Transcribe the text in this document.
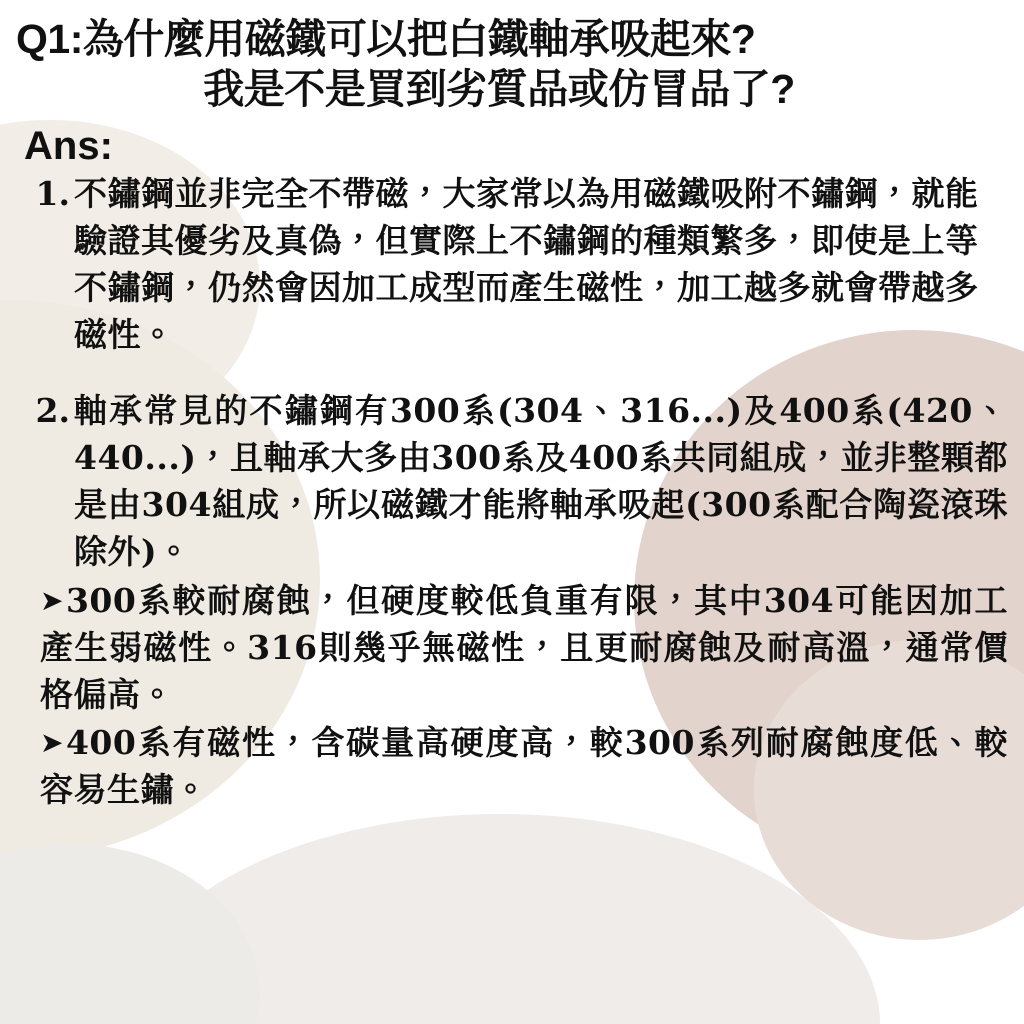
Q1:為什麼用磁鐵可以把白鐵軸承吸起來?
我是不是買到劣質品或仿冒品了?
Ans:
1. 不鏽鋼並非完全不帶磁，大家常以為用磁鐵吸附不鏽鋼，就能驗證其優劣及真偽，但實際上不鏽鋼的種類繁多，即使是上等不鏽鋼，仍然會因加工成型而產生磁性，加工越多就會帶越多磁性。
2. 軸承常見的不鏽鋼有300系(304、316...)及400系(420、440...)，且軸承大多由300系及400系共同組成，並非整顆都是由304組成，所以磁鐵才能將軸承吸起(300系配合陶瓷滾珠除外)。
➤300系較耐腐蝕，但硬度較低負重有限，其中304可能因加工產生弱磁性。316則幾乎無磁性，且更耐腐蝕及耐高溫，通常價格偏高。
➤400系有磁性，含碳量高硬度高，較300系列耐腐蝕度低、較容易生鏽。
